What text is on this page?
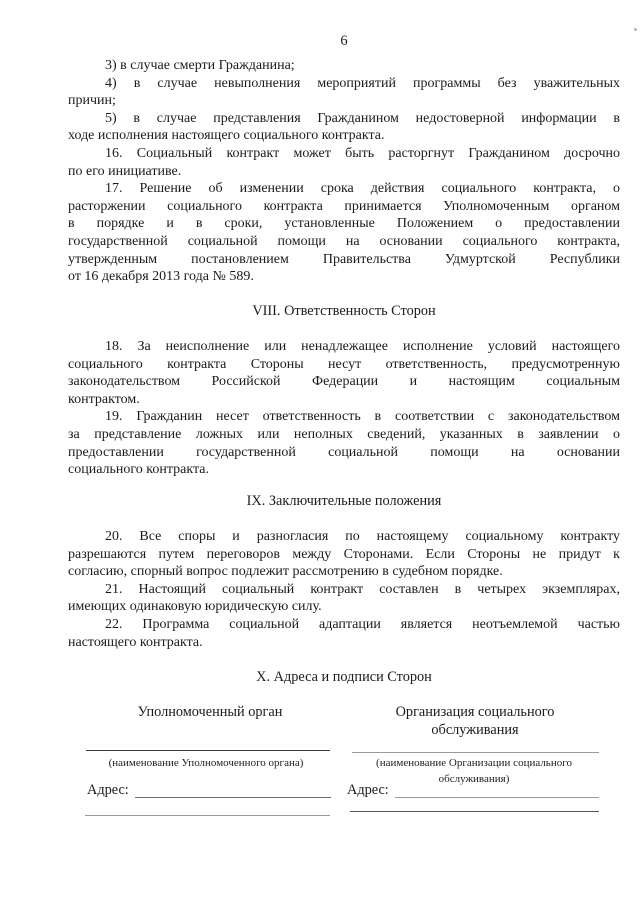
6
3) в случае смерти Гражданина;
4) в случае невыполнения мероприятий программы без уважительных
причин;
5) в случае представления Гражданином недостоверной информации в
ходе исполнения настоящего социального контракта.
16. Социальный контракт может быть расторгнут Гражданином досрочно
по его инициативе.
17. Решение об изменении срока действия социального контракта, о
расторжении социального контракта принимается Уполномоченным органом
в порядке и в сроки, установленные Положением о предоставлении
государственной социальной помощи на основании социального контракта,
утвержденным постановлением Правительства Удмуртской Республики
от 16 декабря 2013 года № 589.
VIII. Ответственность Сторон
18. За неисполнение или ненадлежащее исполнение условий настоящего
социального контракта Стороны несут ответственность, предусмотренную
законодательством Российской Федерации и настоящим социальным
контрактом.
19. Гражданин несет ответственность в соответствии с законодательством
за представление ложных или неполных сведений, указанных в заявлении о
предоставлении государственной социальной помощи на основании
социального контракта.
IX. Заключительные положения
20. Все споры и разногласия по настоящему социальному контракту
разрешаются путем переговоров между Сторонами. Если Стороны не придут к
согласию, спорный вопрос подлежит рассмотрению в судебном порядке.
21. Настоящий социальный контракт составлен в четырех экземплярах,
имеющих одинаковую юридическую силу.
22. Программа социальной адаптации является неотъемлемой частью
настоящего контракта.
X. Адреса и подписи Сторон
Уполномоченный орган	Организация социального
обслуживания
(наименование Уполномоченного органа)	(наименование Организации социального
обслуживания)
Адрес:	Адрес:
